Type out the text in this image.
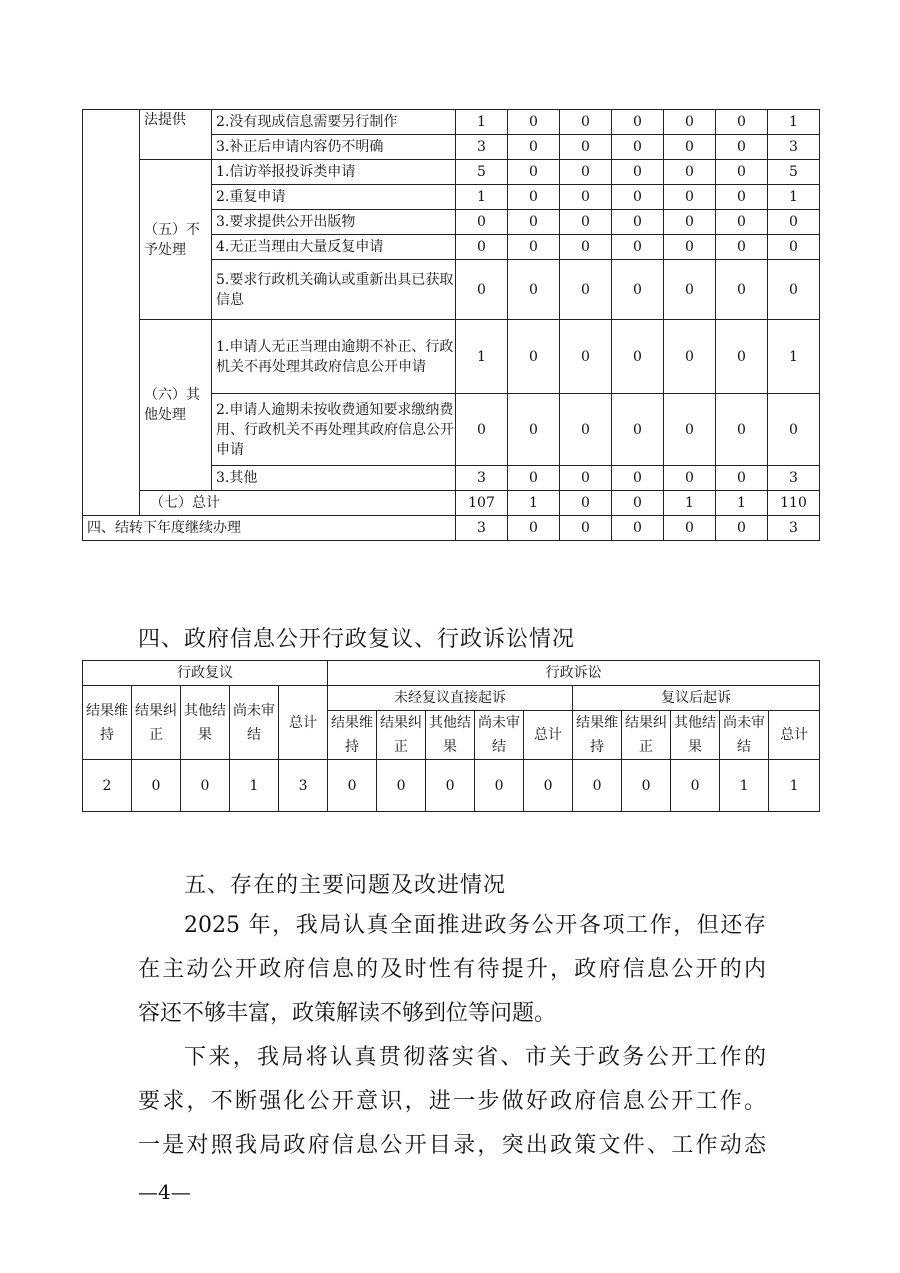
	法提供	2.没有现成信息需要另行制作	1	0	0	0	0	0	1
		3.补正后申请内容仍不明确	3	0	0	0	0	0	3
	（五）不予处理	1.信访举报投诉类申请	5	0	0	0	0	0	5
		2.重复申请	1	0	0	0	0	0	1
		3.要求提供公开出版物	0	0	0	0	0	0	0
		4.无正当理由大量反复申请	0	0	0	0	0	0	0
		5.要求行政机关确认或重新出具已获取信息	0	0	0	0	0	0	0
	（六）其他处理	1.申请人无正当理由逾期不补正、行政机关不再处理其政府信息公开申请	1	0	0	0	0	0	1
		2.申请人逾期未按收费通知要求缴纳费用、行政机关不再处理其政府信息公开申请	0	0	0	0	0	0	0
		3.其他	3	0	0	0	0	0	3
	（七）总计		107	1	0	0	1	1	110
四、结转下年度继续办理			3	0	0	0	0	0	3
四、政府信息公开行政复议、行政诉讼情况
行政复议					行政诉讼									
结果维持	结果纠正	其他结果	尚未审结	总计	未经复议直接起诉					复议后起诉				
					结果维持	结果纠正	其他结果	尚未审结	总计	结果维持	结果纠正	其他结果	尚未审结	总计
2	0	0	1	3	0	0	0	0	0	0	0	0	1	1
五、存在的主要问题及改进情况
2025 年，我局认真全面推进政务公开各项工作，但还存
在主动公开政府信息的及时性有待提升，政府信息公开的内
容还不够丰富，政策解读不够到位等问题。
下来，我局将认真贯彻落实省、市关于政务公开工作的
要求，不断强化公开意识，进一步做好政府信息公开工作。
一是对照我局政府信息公开目录，突出政策文件、工作动态
—4—
